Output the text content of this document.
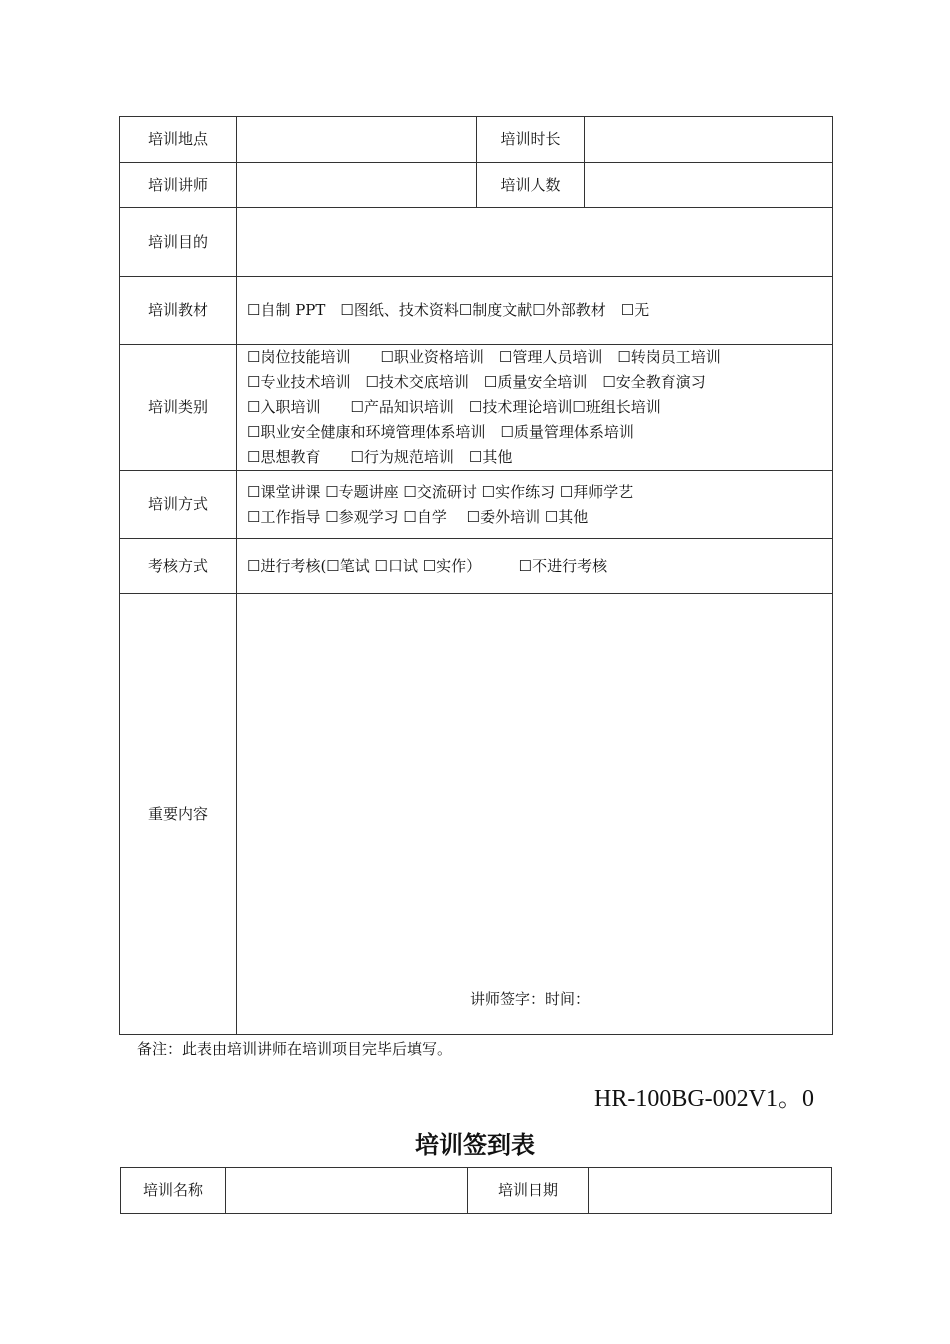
培训地点		培训时长	
培训讲师		培训人数	
培训目的			
培训教材	☐自制 PPT　☐图纸、技术资料☐制度文献☐外部教材　☐无		

培训类别	☐岗位技能培训　　☐职业资格培训　☐管理人员培训　☐转岗员工培训
☐专业技术培训　☐技术交底培训　☐质量安全培训　☐安全教育演习
☐入职培训　　☐产品知识培训　☐技术理论培训☐班组长培训
☐职业安全健康和环境管理体系培训　☐质量管理体系培训
☐思想教育　　☐行为规范培训　☐其他		

培训方式	☐课堂讲课 ☐专题讲座 ☐交流研讨 ☐实作练习 ☐拜师学艺
☐工作指导 ☐参观学习 ☐自学　 ☐委外培训 ☐其他		

考核方式	☐进行考核(☐笔试 ☐口试 ☐实作）　　　☐不进行考核		

重要内容			
讲师签字：时间：
备注：此表由培训讲师在培训项目完毕后填写。
HR-100BG-002V1。0
培训签到表
培训名称		培训日期	
